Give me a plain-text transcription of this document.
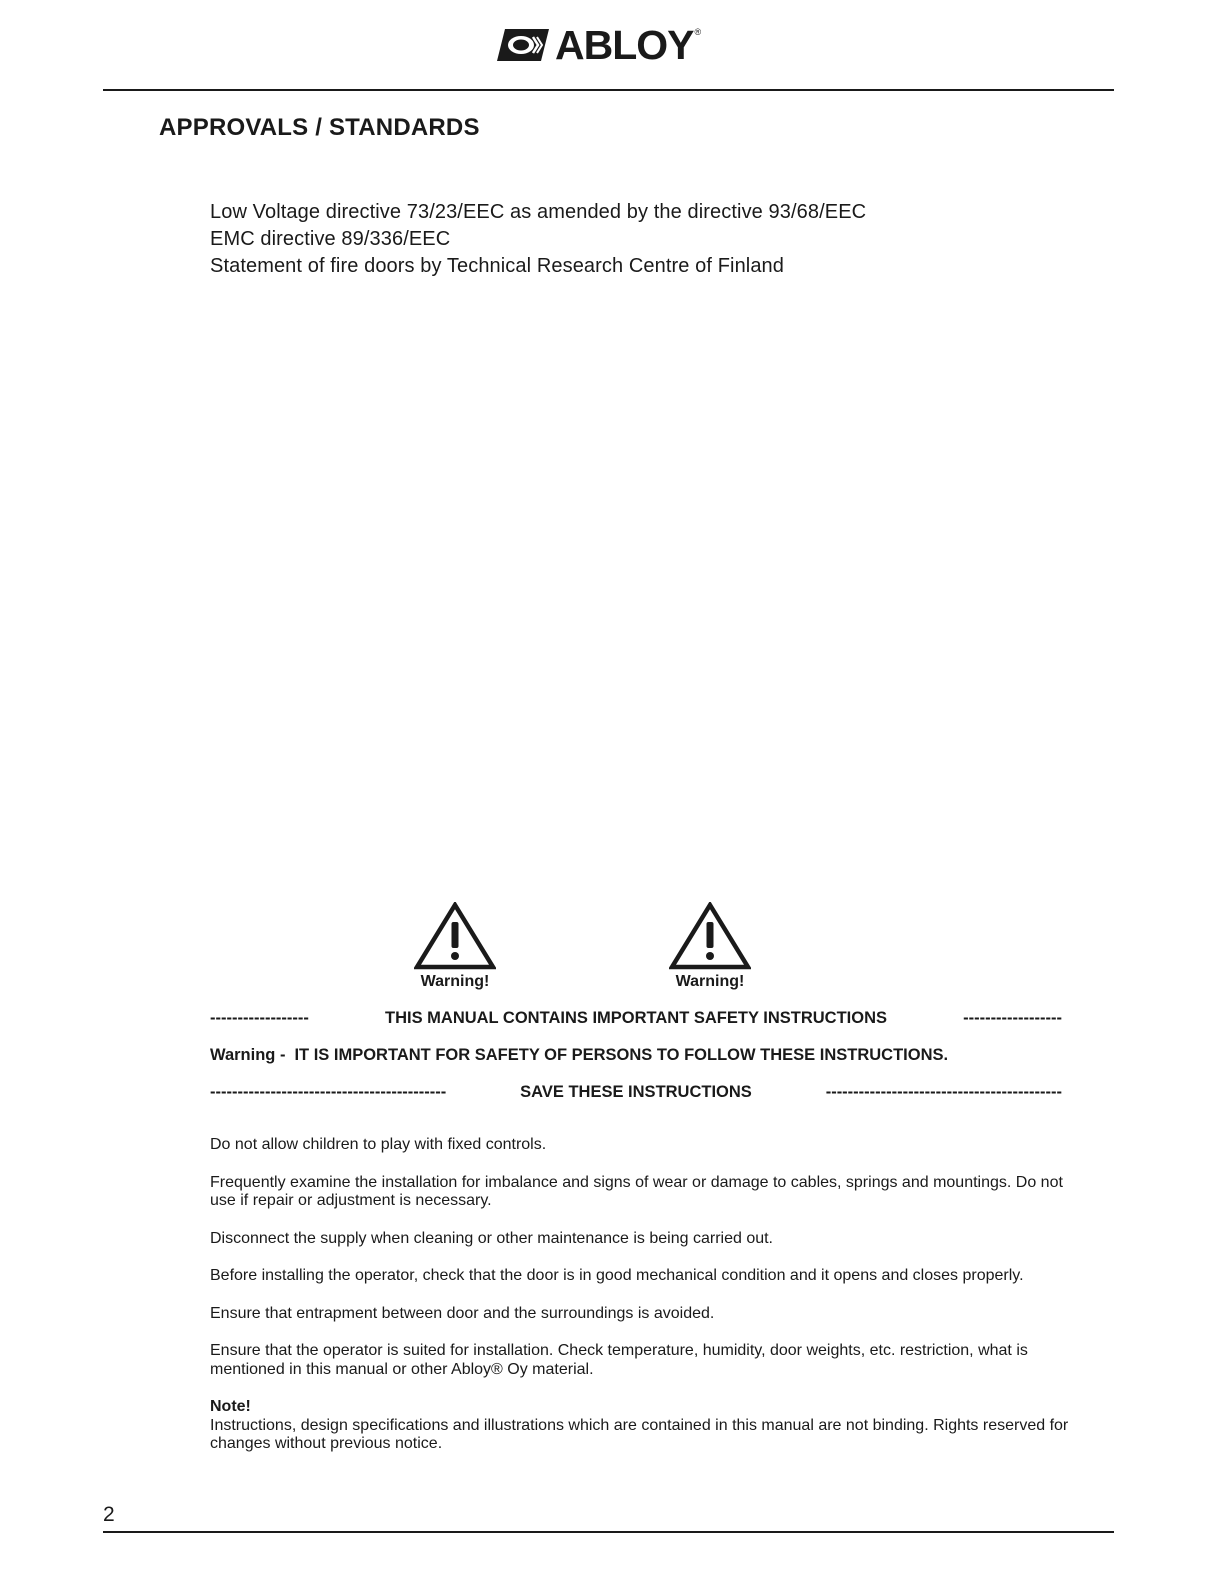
ABLOY ®
APPROVALS / STANDARDS
Low Voltage directive 73/23/EEC as amended by the directive 93/68/EEC
EMC directive 89/336/EEC
Statement of fire doors by Technical Research Centre of Finland
Warning!	Warning!
------------------	THIS MANUAL CONTAINS IMPORTANT SAFETY INSTRUCTIONS	------------------
Warning - IT IS IMPORTANT FOR SAFETY OF PERSONS TO FOLLOW THESE INSTRUCTIONS.
-------------------------------------------	SAVE THESE INSTRUCTIONS	-------------------------------------------

Do not allow children to play with fixed controls.

Frequently examine the installation for imbalance and signs of wear or damage to cables, springs and mountings. Do not use if repair or adjustment is necessary.

Disconnect the supply when cleaning or other maintenance is being carried out.

Before installing the operator, check that the door is in good mechanical condition and it opens and closes properly.

Ensure that entrapment between door and the surroundings is avoided.

Ensure that the operator is suited for installation. Check temperature, humidity, door weights, etc. restriction, what is mentioned in this manual or other Abloy® Oy material.

Note!
Instructions, design specifications and illustrations which are contained in this manual are not binding. Rights reserved for changes without previous notice.

2
